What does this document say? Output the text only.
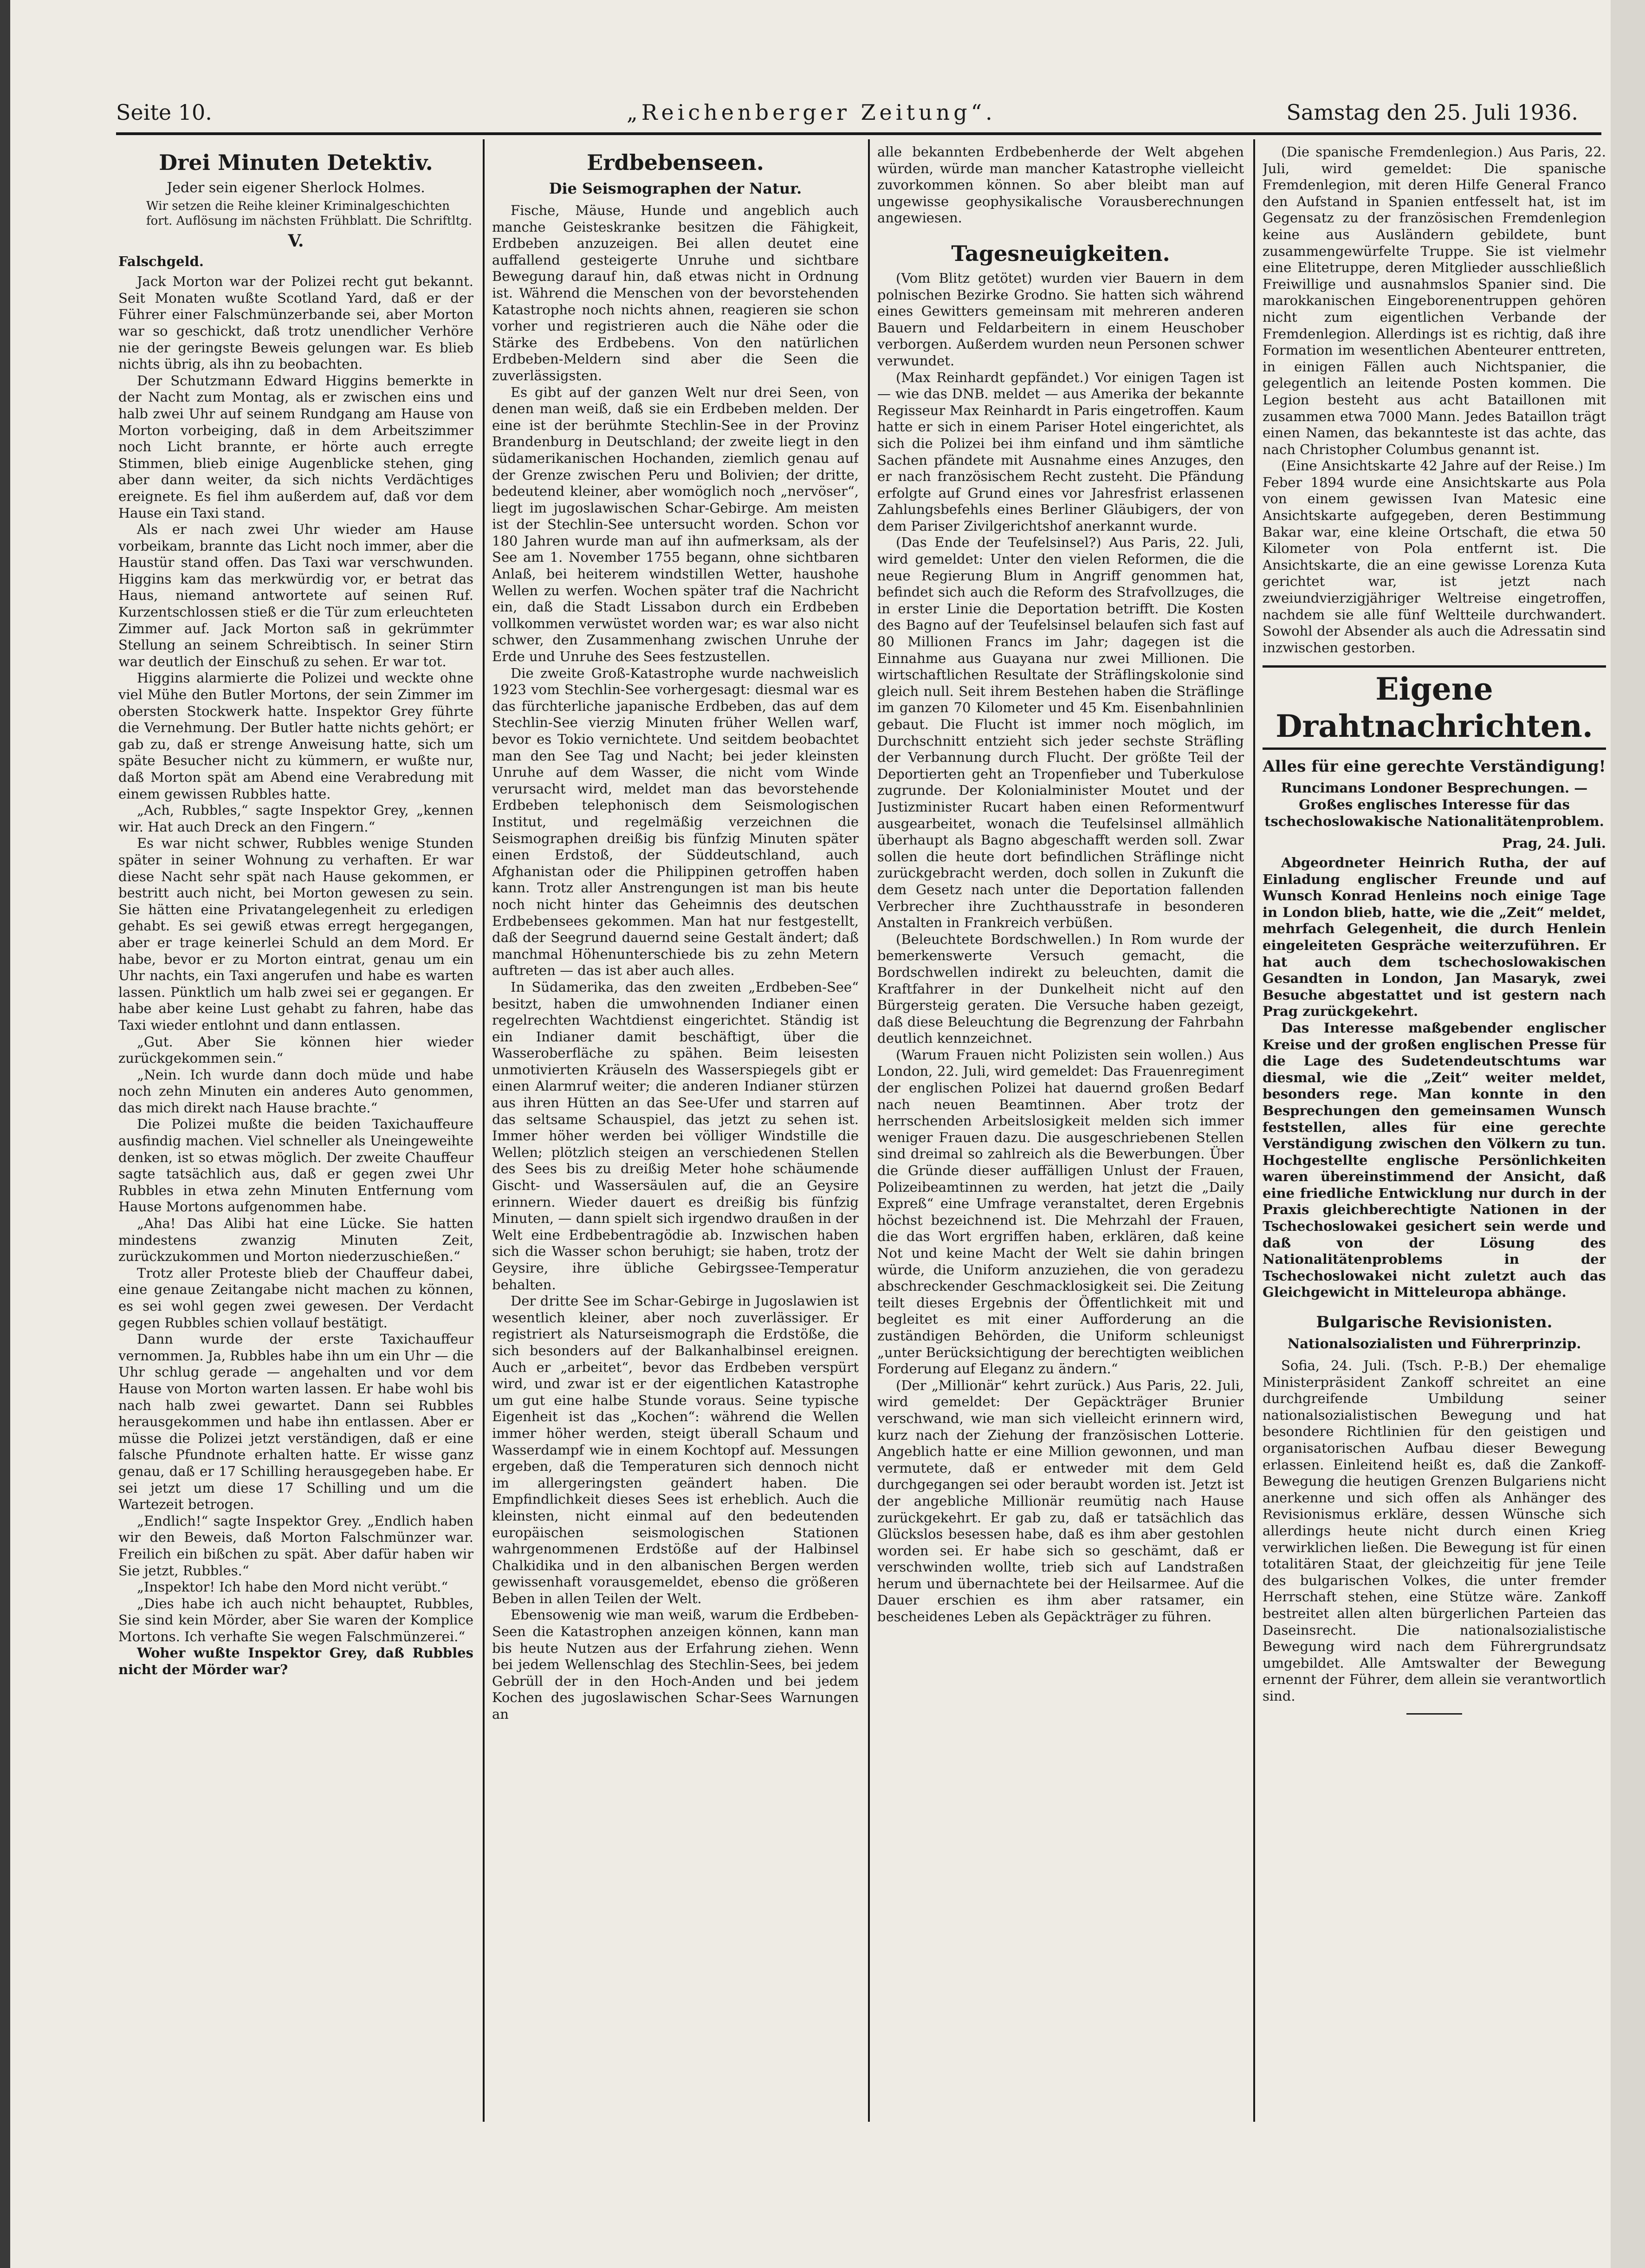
Seite 10.	„Reichenberger Zeitung“.	Samstag den 25. Juli 1936.
Drei Minuten Detektiv.
Jeder sein eigener Sherlock Holmes.
Wir setzen die Reihe kleiner Kriminalgeschichten fort. Auflösung im nächsten Frühblatt. Die Schriftltg.
V.
Falschgeld.

Jack Morton war der Polizei recht gut bekannt. Seit Monaten wußte Scotland Yard, daß er der Führer einer Falschmünzerbande sei, aber Morton war so geschickt, daß trotz unendlicher Verhöre nie der geringste Beweis gelungen war. Es blieb nichts übrig, als ihn zu beobachten.

Der Schutzmann Edward Higgins bemerkte in der Nacht zum Montag, als er zwischen eins und halb zwei Uhr auf seinem Rundgang am Hause von Morton vorbeiging, daß in dem Arbeitszimmer noch Licht brannte, er hörte auch erregte Stimmen, blieb einige Augenblicke stehen, ging aber dann weiter, da sich nichts Verdächtiges ereignete. Es fiel ihm außerdem auf, daß vor dem Hause ein Taxi stand.

Als er nach zwei Uhr wieder am Hause vorbeikam, brannte das Licht noch immer, aber die Haustür stand offen. Das Taxi war verschwunden. Higgins kam das merkwürdig vor, er betrat das Haus, niemand antwortete auf seinen Ruf. Kurzentschlossen stieß er die Tür zum erleuchteten Zimmer auf. Jack Morton saß in gekrümmter Stellung an seinem Schreibtisch. In seiner Stirn war deutlich der Einschuß zu sehen. Er war tot.

Higgins alarmierte die Polizei und weckte ohne viel Mühe den Butler Mortons, der sein Zimmer im obersten Stockwerk hatte. Inspektor Grey führte die Vernehmung. Der Butler hatte nichts gehört; er gab zu, daß er strenge Anweisung hatte, sich um späte Besucher nicht zu kümmern, er wußte nur, daß Morton spät am Abend eine Verabredung mit einem gewissen Rubbles hatte.

„Ach, Rubbles,“ sagte Inspektor Grey, „kennen wir. Hat auch Dreck an den Fingern.“

Es war nicht schwer, Rubbles wenige Stunden später in seiner Wohnung zu verhaften. Er war diese Nacht sehr spät nach Hause gekommen, er bestritt auch nicht, bei Morton gewesen zu sein. Sie hätten eine Privatangelegenheit zu erledigen gehabt. Es sei gewiß etwas erregt hergegangen, aber er trage keinerlei Schuld an dem Mord. Er habe, bevor er zu Morton eintrat, genau um ein Uhr nachts, ein Taxi angerufen und habe es warten lassen. Pünktlich um halb zwei sei er gegangen. Er habe aber keine Lust gehabt zu fahren, habe das Taxi wieder entlohnt und dann entlassen.

„Gut. Aber Sie können hier wieder zurückgekommen sein.“

„Nein. Ich wurde dann doch müde und habe noch zehn Minuten ein anderes Auto genommen, das mich direkt nach Hause brachte.“

Die Polizei mußte die beiden Taxichauffeure ausfindig machen. Viel schneller als Uneingeweihte denken, ist so etwas möglich. Der zweite Chauffeur sagte tatsächlich aus, daß er gegen zwei Uhr Rubbles in etwa zehn Minuten Entfernung vom Hause Mortons aufgenommen habe.

„Aha! Das Alibi hat eine Lücke. Sie hatten mindestens zwanzig Minuten Zeit, zurückzukommen und Morton niederzuschießen.“

Trotz aller Proteste blieb der Chauffeur dabei, eine genaue Zeitangabe nicht machen zu können, es sei wohl gegen zwei gewesen. Der Verdacht gegen Rubbles schien vollauf bestätigt.

Dann wurde der erste Taxichauffeur vernommen. Ja, Rubbles habe ihn um ein Uhr — die Uhr schlug gerade — angehalten und vor dem Hause von Morton warten lassen. Er habe wohl bis nach halb zwei gewartet. Dann sei Rubbles herausgekommen und habe ihn entlassen. Aber er müsse die Polizei jetzt verständigen, daß er eine falsche Pfundnote erhalten hatte. Er wisse ganz genau, daß er 17 Schilling herausgegeben habe. Er sei jetzt um diese 17 Schilling und um die Wartezeit betrogen.

„Endlich!“ sagte Inspektor Grey. „Endlich haben wir den Beweis, daß Morton Falschmünzer war. Freilich ein bißchen zu spät. Aber dafür haben wir Sie jetzt, Rubbles.“

„Inspektor! Ich habe den Mord nicht verübt.“

„Dies habe ich auch nicht behauptet, Rubbles, Sie sind kein Mörder, aber Sie waren der Komplice Mortons. Ich verhafte Sie wegen Falschmünzerei.“

Woher wußte Inspektor Grey, daß Rubbles nicht der Mörder war?

Erdbebenseen.
Die Seismographen der Natur.

Fische, Mäuse, Hunde und angeblich auch manche Geisteskranke besitzen die Fähigkeit, Erdbeben anzuzeigen. Bei allen deutet eine auffallend gesteigerte Unruhe und sichtbare Bewegung darauf hin, daß etwas nicht in Ordnung ist. Während die Menschen von der bevorstehenden Katastrophe noch nichts ahnen, reagieren sie schon vorher und registrieren auch die Nähe oder die Stärke des Erdbebens. Von den natürlichen Erdbeben-Meldern sind aber die Seen die zuverlässigsten.

Es gibt auf der ganzen Welt nur drei Seen, von denen man weiß, daß sie ein Erdbeben melden. Der eine ist der berühmte Stechlin-See in der Provinz Brandenburg in Deutschland; der zweite liegt in den südamerikanischen Hochanden, ziemlich genau auf der Grenze zwischen Peru und Bolivien; der dritte, bedeutend kleiner, aber womöglich noch „nervöser“, liegt im jugoslawischen Schar-Gebirge. Am meisten ist der Stechlin-See untersucht worden. Schon vor 180 Jahren wurde man auf ihn aufmerksam, als der See am 1. November 1755 begann, ohne sichtbaren Anlaß, bei heiterem windstillen Wetter, haushohe Wellen zu werfen. Wochen später traf die Nachricht ein, daß die Stadt Lissabon durch ein Erdbeben vollkommen verwüstet worden war; es war also nicht schwer, den Zusammenhang zwischen Unruhe der Erde und Unruhe des Sees festzustellen.

Die zweite Groß-Katastrophe wurde nachweislich 1923 vom Stechlin-See vorhergesagt: diesmal war es das fürchterliche japanische Erdbeben, das auf dem Stechlin-See vierzig Minuten früher Wellen warf, bevor es Tokio vernichtete. Und seitdem beobachtet man den See Tag und Nacht; bei jeder kleinsten Unruhe auf dem Wasser, die nicht vom Winde verursacht wird, meldet man das bevorstehende Erdbeben telephonisch dem Seismologischen Institut, und regelmäßig verzeichnen die Seismographen dreißig bis fünfzig Minuten später einen Erdstoß, der Süddeutschland, auch Afghanistan oder die Philippinen getroffen haben kann. Trotz aller Anstrengungen ist man bis heute noch nicht hinter das Geheimnis des deutschen Erdbebensees gekommen. Man hat nur festgestellt, daß der Seegrund dauernd seine Gestalt ändert; daß manchmal Höhenunterschiede bis zu zehn Metern auftreten — das ist aber auch alles.

In Südamerika, das den zweiten „Erdbeben-See“ besitzt, haben die umwohnenden Indianer einen regelrechten Wachtdienst eingerichtet. Ständig ist ein Indianer damit beschäftigt, über die Wasseroberfläche zu spähen. Beim leisesten unmotivierten Kräuseln des Wasserspiegels gibt er einen Alarmruf weiter; die anderen Indianer stürzen aus ihren Hütten an das See-Ufer und starren auf das seltsame Schauspiel, das jetzt zu sehen ist. Immer höher werden bei völliger Windstille die Wellen; plötzlich steigen an verschiedenen Stellen des Sees bis zu dreißig Meter hohe schäumende Gischt- und Wassersäulen auf, die an Geysire erinnern. Wieder dauert es dreißig bis fünfzig Minuten, — dann spielt sich irgendwo draußen in der Welt eine Erdbebentragödie ab. Inzwischen haben sich die Wasser schon beruhigt; sie haben, trotz der Geysire, ihre übliche Gebirgssee-Temperatur behalten.

Der dritte See im Schar-Gebirge in Jugoslawien ist wesentlich kleiner, aber noch zuverlässiger. Er registriert als Naturseismograph die Erdstöße, die sich besonders auf der Balkanhalbinsel ereignen. Auch er „arbeitet“, bevor das Erdbeben verspürt wird, und zwar ist er der eigentlichen Katastrophe um gut eine halbe Stunde voraus. Seine typische Eigenheit ist das „Kochen“: während die Wellen immer höher werden, steigt überall Schaum und Wasserdampf wie in einem Kochtopf auf. Messungen ergeben, daß die Temperaturen sich dennoch nicht im allergeringsten geändert haben. Die Empfindlichkeit dieses Sees ist erheblich. Auch die kleinsten, nicht einmal auf den bedeutenden europäischen seismologischen Stationen wahrgenommenen Erdstöße auf der Halbinsel Chalkidika und in den albanischen Bergen werden gewissenhaft vorausgemeldet, ebenso die größeren Beben in allen Teilen der Welt.

Ebensowenig wie man weiß, warum die Erdbeben-Seen die Katastrophen anzeigen können, kann man bis heute Nutzen aus der Erfahrung ziehen. Wenn bei jedem Wellenschlag des Stechlin-Sees, bei jedem Gebrüll der in den Hoch-Anden und bei jedem Kochen des jugoslawischen Schar-Sees Warnungen an

alle bekannten Erdbebenherde der Welt abgehen würden, würde man mancher Katastrophe vielleicht zuvorkommen können. So aber bleibt man auf ungewisse geophysikalische Vorausberechnungen angewiesen.

Tagesneuigkeiten.

(Vom Blitz getötet) wurden vier Bauern in dem polnischen Bezirke Grodno. Sie hatten sich während eines Gewitters gemeinsam mit mehreren anderen Bauern und Feldarbeitern in einem Heuschober verborgen. Außerdem wurden neun Personen schwer verwundet.

(Max Reinhardt gepfändet.) Vor einigen Tagen ist — wie das DNB. meldet — aus Amerika der bekannte Regisseur Max Reinhardt in Paris eingetroffen. Kaum hatte er sich in einem Pariser Hotel eingerichtet, als sich die Polizei bei ihm einfand und ihm sämtliche Sachen pfändete mit Ausnahme eines Anzuges, den er nach französischem Recht zusteht. Die Pfändung erfolgte auf Grund eines vor Jahresfrist erlassenen Zahlungsbefehls eines Berliner Gläubigers, der von dem Pariser Zivilgerichtshof anerkannt wurde.

(Das Ende der Teufelsinsel?) Aus Paris, 22. Juli, wird gemeldet: Unter den vielen Reformen, die die neue Regierung Blum in Angriff genommen hat, befindet sich auch die Reform des Strafvollzuges, die in erster Linie die Deportation betrifft. Die Kosten des Bagno auf der Teufelsinsel belaufen sich fast auf 80 Millionen Francs im Jahr; dagegen ist die Einnahme aus Guayana nur zwei Millionen. Die wirtschaftlichen Resultate der Sträflingskolonie sind gleich null. Seit ihrem Bestehen haben die Sträflinge im ganzen 70 Kilometer und 45 Km. Eisenbahnlinien gebaut. Die Flucht ist immer noch möglich, im Durchschnitt entzieht sich jeder sechste Sträfling der Verbannung durch Flucht. Der größte Teil der Deportierten geht an Tropenfieber und Tuberkulose zugrunde. Der Kolonialminister Moutet und der Justizminister Rucart haben einen Reformentwurf ausgearbeitet, wonach die Teufelsinsel allmählich überhaupt als Bagno abgeschafft werden soll. Zwar sollen die heute dort befindlichen Sträflinge nicht zurückgebracht werden, doch sollen in Zukunft die dem Gesetz nach unter die Deportation fallenden Verbrecher ihre Zuchthausstrafe in besonderen Anstalten in Frankreich verbüßen.

(Beleuchtete Bordschwellen.) In Rom wurde der bemerkenswerte Versuch gemacht, die Bordschwellen indirekt zu beleuchten, damit die Kraftfahrer in der Dunkelheit nicht auf den Bürgersteig geraten. Die Versuche haben gezeigt, daß diese Beleuchtung die Begrenzung der Fahrbahn deutlich kennzeichnet.

(Warum Frauen nicht Polizisten sein wollen.) Aus London, 22. Juli, wird gemeldet: Das Frauenregiment der englischen Polizei hat dauernd großen Bedarf nach neuen Beamtinnen. Aber trotz der herrschenden Arbeitslosigkeit melden sich immer weniger Frauen dazu. Die ausgeschriebenen Stellen sind dreimal so zahlreich als die Bewerbungen. Über die Gründe dieser auffälligen Unlust der Frauen, Polizeibeamtinnen zu werden, hat jetzt die „Daily Expreß“ eine Umfrage veranstaltet, deren Ergebnis höchst bezeichnend ist. Die Mehrzahl der Frauen, die das Wort ergriffen haben, erklären, daß keine Not und keine Macht der Welt sie dahin bringen würde, die Uniform anzuziehen, die von geradezu abschreckender Geschmacklosigkeit sei. Die Zeitung teilt dieses Ergebnis der Öffentlichkeit mit und begleitet es mit einer Aufforderung an die zuständigen Behörden, die Uniform schleunigst „unter Berücksichtigung der berechtigten weiblichen Forderung auf Eleganz zu ändern.“

(Der „Millionär“ kehrt zurück.) Aus Paris, 22. Juli, wird gemeldet: Der Gepäckträger Brunier verschwand, wie man sich vielleicht erinnern wird, kurz nach der Ziehung der französischen Lotterie. Angeblich hatte er eine Million gewonnen, und man vermutete, daß er entweder mit dem Geld durchgegangen sei oder beraubt worden ist. Jetzt ist der angebliche Millionär reumütig nach Hause zurückgekehrt. Er gab zu, daß er tatsächlich das Glückslos besessen habe, daß es ihm aber gestohlen worden sei. Er habe sich so geschämt, daß er verschwinden wollte, trieb sich auf Landstraßen herum und übernachtete bei der Heilsarmee. Auf die Dauer erschien es ihm aber ratsamer, ein bescheidenes Leben als Gepäckträger zu führen.

(Die spanische Fremdenlegion.) Aus Paris, 22. Juli, wird gemeldet: Die spanische Fremdenlegion, mit deren Hilfe General Franco den Aufstand in Spanien entfesselt hat, ist im Gegensatz zu der französischen Fremdenlegion keine aus Ausländern gebildete, bunt zusammengewürfelte Truppe. Sie ist vielmehr eine Elitetruppe, deren Mitglieder ausschließlich Freiwillige und ausnahmslos Spanier sind. Die marokkanischen Eingeborenentruppen gehören nicht zum eigentlichen Verbande der Fremdenlegion. Allerdings ist es richtig, daß ihre Formation im wesentlichen Abenteurer enttreten, in einigen Fällen auch Nichtspanier, die gelegentlich an leitende Posten kommen. Die Legion besteht aus acht Bataillonen mit zusammen etwa 7000 Mann. Jedes Bataillon trägt einen Namen, das bekannteste ist das achte, das nach Christopher Columbus genannt ist.

(Eine Ansichtskarte 42 Jahre auf der Reise.) Im Feber 1894 wurde eine Ansichtskarte aus Pola von einem gewissen Ivan Matesic eine Ansichtskarte aufgegeben, deren Bestimmung Bakar war, eine kleine Ortschaft, die etwa 50 Kilometer von Pola entfernt ist. Die Ansichtskarte, die an eine gewisse Lorenza Kuta gerichtet war, ist jetzt nach zweiundvierzigjähriger Weltreise eingetroffen, nachdem sie alle fünf Weltteile durchwandert. Sowohl der Absender als auch die Adressatin sind inzwischen gestorben.

Eigene Drahtnachrichten.
Alles für eine gerechte Verständigung!
Runcimans Londoner Besprechungen. — Großes englisches Interesse für das tschechoslowakische Nationalitätenproblem.
Prag, 24. Juli.

Abgeordneter Heinrich Rutha, der auf Einladung englischer Freunde und auf Wunsch Konrad Henleins noch einige Tage in London blieb, hatte, wie die „Zeit“ meldet, mehrfach Gelegenheit, die durch Henlein eingeleiteten Gespräche weiterzuführen. Er hat auch dem tschechoslowakischen Gesandten in London, Jan Masaryk, zwei Besuche abgestattet und ist gestern nach Prag zurückgekehrt.

Das Interesse maßgebender englischer Kreise und der großen englischen Presse für die Lage des Sudetendeutschtums war diesmal, wie die „Zeit“ weiter meldet, besonders rege. Man konnte in den Besprechungen den gemeinsamen Wunsch feststellen, alles für eine gerechte Verständigung zwischen den Völkern zu tun. Hochgestellte englische Persönlichkeiten waren übereinstimmend der Ansicht, daß eine friedliche Entwicklung nur durch in der Praxis gleichberechtigte Nationen in der Tschechoslowakei gesichert sein werde und daß von der Lösung des Nationalitätenproblems in der Tschechoslowakei nicht zuletzt auch das Gleichgewicht in Mitteleuropa abhänge.

Bulgarische Revisionisten.
Nationalsozialisten und Führerprinzip.

Sofia, 24. Juli. (Tsch. P.-B.) Der ehemalige Ministerpräsident Zankoff schreitet an eine durchgreifende Umbildung seiner nationalsozialistischen Bewegung und hat besondere Richtlinien für den geistigen und organisatorischen Aufbau dieser Bewegung erlassen. Einleitend heißt es, daß die Zankoff-Bewegung die heutigen Grenzen Bulgariens nicht anerkenne und sich offen als Anhänger des Revisionismus erkläre, dessen Wünsche sich allerdings heute nicht durch einen Krieg verwirklichen ließen. Die Bewegung ist für einen totalitären Staat, der gleichzeitig für jene Teile des bulgarischen Volkes, die unter fremder Herrschaft stehen, eine Stütze wäre. Zankoff bestreitet allen alten bürgerlichen Parteien das Daseinsrecht. Die nationalsozialistische Bewegung wird nach dem Führergrundsatz umgebildet. Alle Amtswalter der Bewegung ernennt der Führer, dem allein sie verantwortlich sind.
